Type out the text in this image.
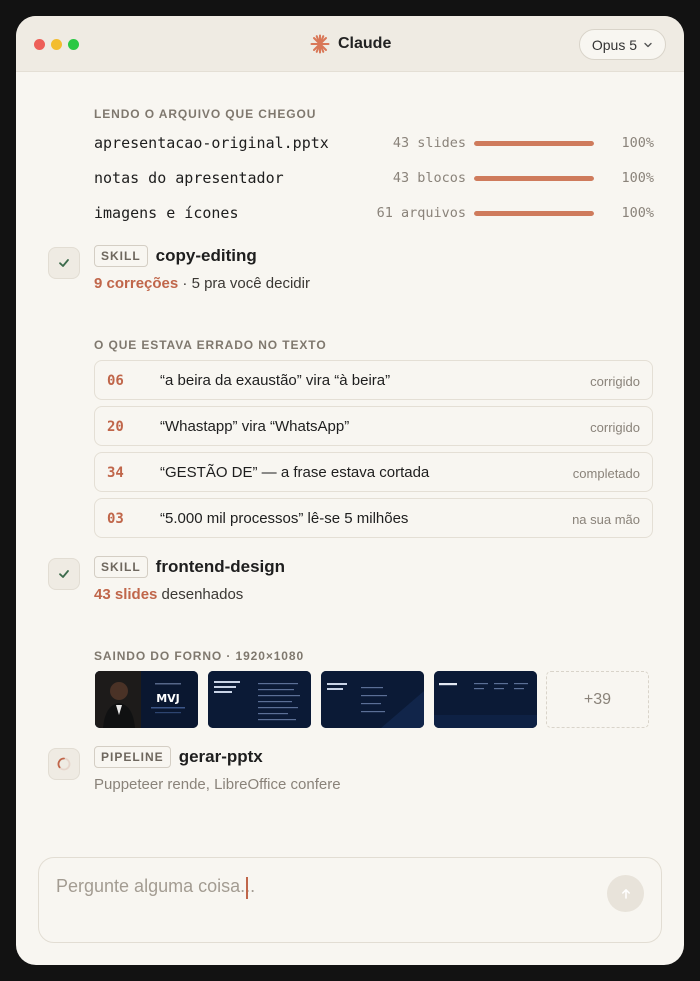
Claude	Opus 5
LENDO O ARQUIVO QUE CHEGOU
apresentacao-original.pptx	43 slides	100%
notas do apresentador	43 blocos	100%
imagens e ícones	61 arquivos	100%
SKILL copy-editing
9 correções · 5 pra você decidir
O QUE ESTAVA ERRADO NO TEXTO
06 “a beira da exaustão” vira “à beira”	corrigido
20 “Whastapp” vira “WhatsApp”	corrigido
34 “GESTÃO DE” — a frase estava cortada	completado
03 “5.000 mil processos” lê-se 5 milhões	na sua mão
SKILL frontend-design
43 slides desenhados
SAINDO DO FORNO · 1920×1080
MVJ	+39
PIPELINE gerar-pptx
Puppeteer rende, LibreOffice confere
Pergunte alguma coisa...
